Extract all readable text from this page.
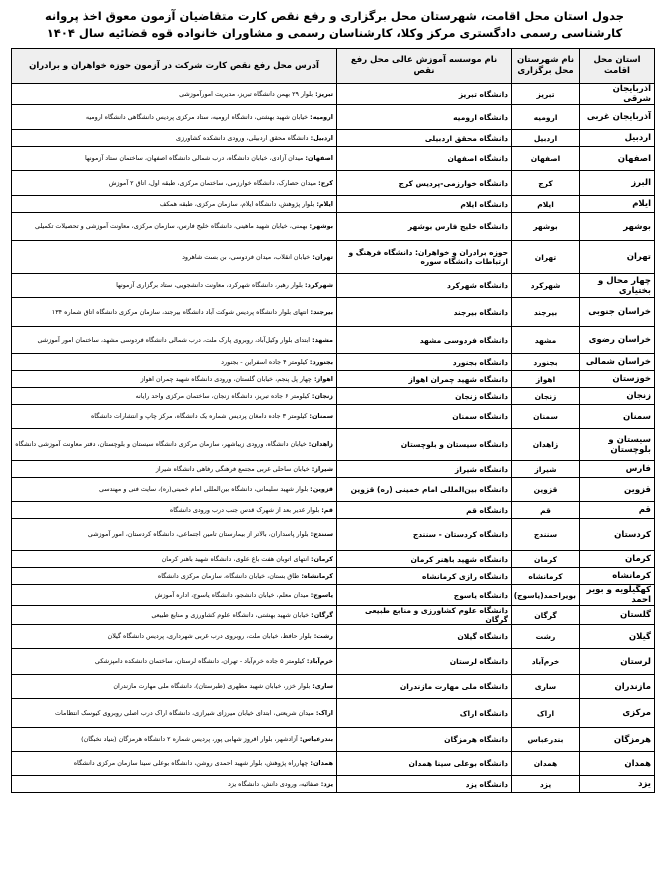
جدول استان محل اقامت، شهرستان محل برگزاری و رفع نقص کارت متقاضیان آزمون معوق اخذ پروانه کارشناسی رسمی دادگستری مرکز وکلا، کارشناسان رسمی و مشاوران خانواده قوه قضائیه سال ۱۴۰۴
استان محل اقامت	نام شهرستان محل برگزاری	نام موسسه آموزش عالی محل رفع نقص	آدرس محل رفع نقص کارت شرکت در آزمون حوزه خواهران و برادران
آذربایجان شرقی	تبریز	دانشگاه تبریز	تبریز: بلوار ۲۹ بهمن دانشگاه تبریز، مدیریت امورآموزشی
آذربایجان غربی	ارومیه	دانشگاه ارومیه	ارومیه: خیابان شهید بهشتی، دانشگاه ارومیه، ستاد مرکزی پردیس دانشگاهی دانشگاه ارومیه
اردبیل	اردبیل	دانشگاه محقق اردبیلی	اردبیل: دانشگاه محقق اردبیلی، ورودی دانشکده کشاورزی
اصفهان	اصفهان	دانشگاه اصفهان	اصفهان: میدان آزادی، خیابان دانشگاه، درب شمالی دانشگاه اصفهان، ساختمان ستاد آزمونها
البرز	کرج	دانشگاه خوارزمی-پردیس کرج	کرج: میدان حصارک، دانشگاه خوارزمی، ساختمان مرکزی، طبقه اول، اتاق ۲ آموزش
ایلام	ایلام	دانشگاه ایلام	ایلام: بلوار پژوهش، دانشگاه ایلام، سازمان مرکزی، طبقه همکف
بوشهر	بوشهر	دانشگاه خلیج فارس بوشهر	بوشهر: بهمنی، خیابان شهید ماهینی، دانشگاه خلیج فارس، سازمان مرکزی، معاونت آموزشی و تحصیلات تکمیلی
تهران	تهران	حوزه برادران و خواهران: دانشگاه فرهنگ و ارتباطات دانشگاه سوره	تهران: خیابان انقلاب، میدان فردوسی، بن بست شاهرود
چهار محال و بختیاری	شهرکرد	دانشگاه شهرکرد	شهرکرد: بلوار رهبر، دانشگاه شهرکرد، معاونت دانشجویی، ستاد برگزاری آزمونها
خراسان جنوبی	بیرجند	دانشگاه بیرجند	بیرجند: انتهای بلوار دانشگاه پردیس شوکت آباد دانشگاه بیرجند، سازمان مرکزی دانشگاه اتاق شماره ۱۳۴
خراسان رضوی	مشهد	دانشگاه فردوسی مشهد	مشهد: ابتدای بلوار وکیل‌آباد، روبروی پارک ملت، درب شمالی دانشگاه فردوسی مشهد، ساختمان امور آموزشی
خراسان شمالی	بجنورد	دانشگاه بجنورد	بجنورد: کیلومتر ۴ جاده اسفراین - بجنورد
خوزستان	اهواز	دانشگاه شهید چمران اهواز	اهواز: چهار پل پنجم، خیابان گلستان، ورودی دانشگاه شهید چمران اهواز
زنجان	زنجان	دانشگاه زنجان	زنجان: کیلومتر ۶ جاده تبریز، دانشگاه زنجان، ساختمان مرکزی واحد رایانه
سمنان	سمنان	دانشگاه سمنان	سمنان: کیلومتر ۳ جاده دامغان پردیس شماره یک دانشگاه، مرکز چاپ و انتشارات دانشگاه
سیستان و بلوچستان	زاهدان	دانشگاه سیستان و بلوچستان	زاهدان: خیابان دانشگاه، ورودی زیباشهر، سازمان مرکزی دانشگاه سیستان و بلوچستان، دفتر معاونت آموزشی دانشگاه
فارس	شیراز	دانشگاه شیراز	شیراز: خیابان ساحلی غربی مجتمع فرهنگی رفاهی دانشگاه شیراز
قزوین	قزوین	دانشگاه بین‌المللی امام خمینی (ره) قزوین	قزوین: بلوار شهید سلیمانی، دانشگاه بین‌المللی امام خمینی(ره)، سایت فنی و مهندسی
قم	قم	دانشگاه قم	قم: بلوار غدیر بعد از شهرک قدس جنب درب ورودی دانشگاه
کردستان	سنندج	دانشگاه کردستان - سنندج	سنندج: بلوار پاسداران، بالاتر از بیمارستان تامین اجتماعی، دانشگاه کردستان، امور آموزشی
کرمان	کرمان	دانشگاه شهید باهنر کرمان	کرمان: انتهای اتوبان هفت باغ علوی، دانشگاه شهید باهنر کرمان
کرمانشاه	کرمانشاه	دانشگاه رازی کرمانشاه	کرمانشاه: طاق بستان، خیابان دانشگاه، سازمان مرکزی دانشگاه
کهگیلویه و بویر احمد	بویراحمد(یاسوج)	دانشگاه یاسوج	یاسوج: میدان معلم، خیابان دانشجو، دانشگاه یاسوج، اداره آموزش
گلستان	گرگان	دانشگاه علوم کشاورزی و منابع طبیعی گرگان	گرگان: خیابان شهید بهشتی، دانشگاه علوم کشاورزی و منابع طبیعی
گیلان	رشت	دانشگاه گیلان	رشت: بلوار حافظ، خیابان ملت، روبروی درب غربی شهرداری، پردیس دانشگاه گیلان
لرستان	خرم‌آباد	دانشگاه لرستان	خرم‌آباد: کیلومتر ۵ جاده خرم‌آباد - تهران، دانشگاه لرستان، ساختمان دانشکده دامپزشکی
مازندران	ساری	دانشگاه ملی مهارت مازندران	ساری: بلوار خزر، خیابان شهید مطهری (طبرستان)، دانشگاه ملی مهارت مازندران
مرکزی	اراک	دانشگاه اراک	اراک: میدان شریعتی، ابتدای خیابان میرزای شیرازی، دانشگاه اراک درب اصلی روبروی کیوسک انتظامات
هرمزگان	بندرعباس	دانشگاه هرمزگان	بندرعباس: آزادشهر، بلوار افروز شهابی پور، پردیس شماره ۲ دانشگاه هرمزگان (بنیاد نخبگان)
همدان	همدان	دانشگاه بوعلی سینا همدان	همدان: چهارراه پژوهش، بلوار شهید احمدی روشن، دانشگاه بوعلی سینا سازمان مرکزی دانشگاه
یزد	یزد	دانشگاه یزد	یزد: صفائیه، ورودی دانش، دانشگاه یزد
